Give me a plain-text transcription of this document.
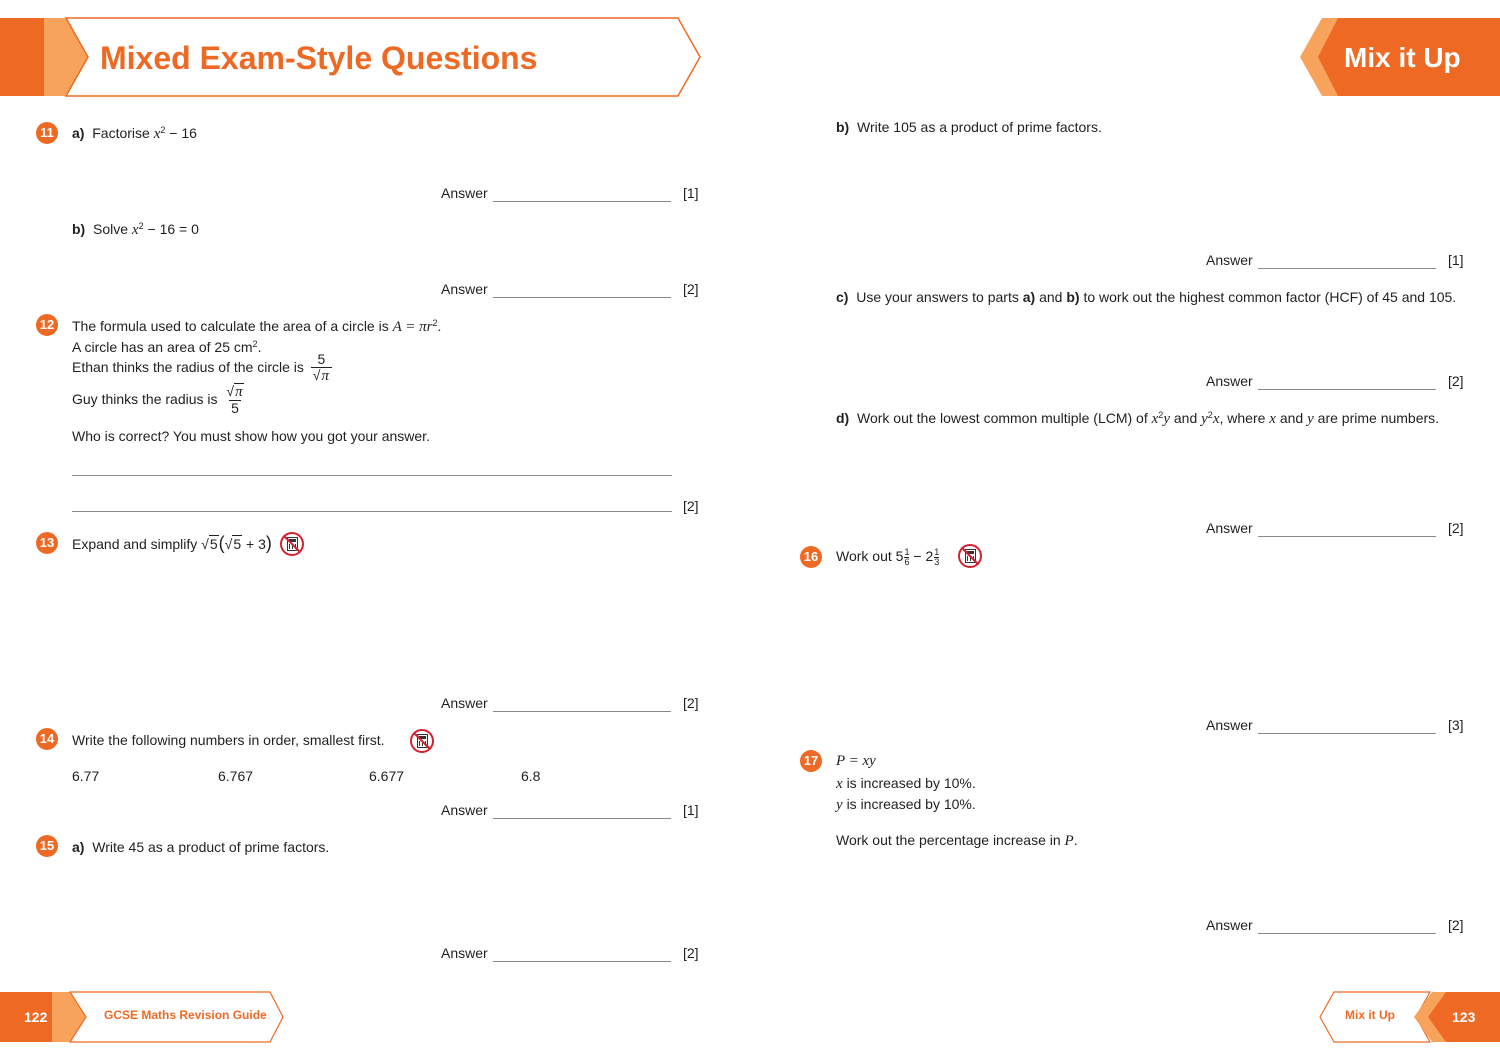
Mixed Exam-Style Questions	Mix it Up
11 a) Factorise $x^2 - 16$
Answer	[1]
b) Solve $x^2 - 16 = 0$
Answer	[2]
12 The formula used to calculate the area of a circle is $A = \pi r^2$.
A circle has an area of 25 $cm^2$.
Ethan thinks the radius of the circle is $\frac{5}{√\pi}$
Guy thinks the radius is $\frac{√\pi}{5}$
Who is correct? You must show how you got your answer.
[2]
13 Expand and simplify √5(√5 + 3)
Answer	[2]
14 Write the following numbers in order, smallest first.
6.77	6.767	6.677	6.8
Answer	[1]
15 a) Write 45 as a product of prime factors.
Answer	[2]
b) Write 105 as a product of prime factors.
Answer	[1]
c) Use your answers to parts a) and b) to work out the highest common factor (HCF) of 45 and 105.
Answer	[2]
d) Work out the lowest common multiple (LCM) of $x^2y$ and $y^2x$, where x and y are prime numbers.
Answer	[2]
16 Work out $5 \frac{1}{6} - 2 \frac{1}{3}$
Answer	[3]
17 P = xy
x is increased by 10%.
y is increased by 10%.
Work out the percentage increase in P.
Answer	[2]
122	GCSE Maths Revision Guide	Mix it Up	123
